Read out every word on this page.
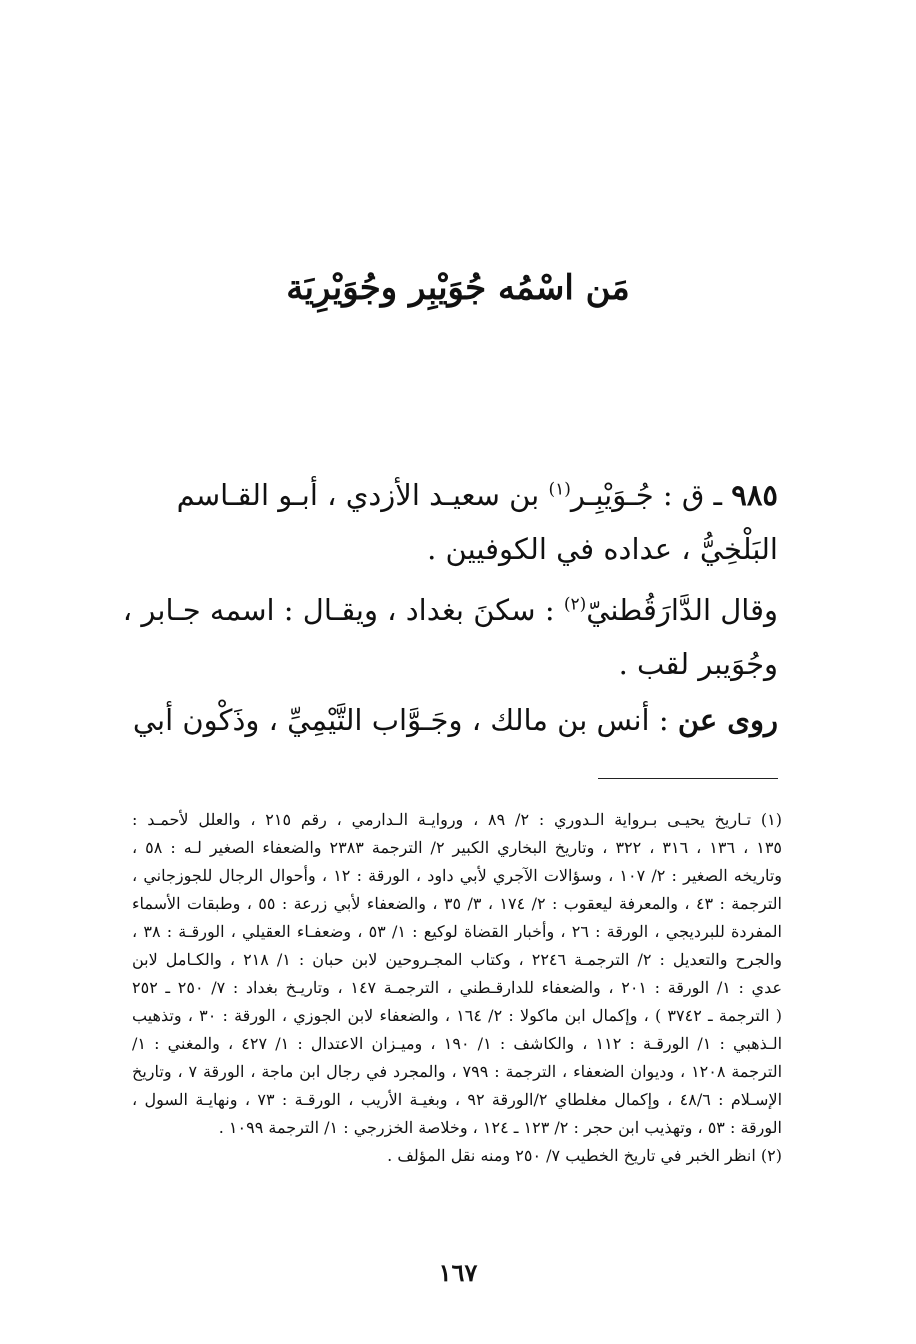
مَن اسْمُه جُوَيْبِر وجُوَيْرِيَة
٩٨٥ ـ ق : جُـوَيْبِـر$^{(١)}$ بن سعيـد الأزدي ، أبـو القـاسم
البَلْخِيُّ ، عداده في الكوفيين .
وقال الدَّارَقُطنيّ$^{(٢)}$ : سكنَ بغداد ، ويقـال : اسمه جـابر ،
وجُوَيبر لقب .
روى عن : أنس بن مالك ، وجَـوَّاب التَّيْمِيِّ ، وذَكْون أبي
(١) تـاريخ يحيـى بـرواية الـدوري : ٢/ ٨٩ ، وروايـة الـدارمي ، رقم ٢١٥ ، والعلل لأحمـد :
١٣٥ ، ١٣٦ ، ٣١٦ ، ٣٢٢ ، وتاريخ البخاري الكبير ٢/ الترجمة ٢٣٨٣ والضعفاء الصغير لـه : ٥٨ ،
وتاريخه الصغير : ٢/ ١٠٧ ، وسؤالات الآجري لأبي داود ، الورقة : ١٢ ، وأحوال الرجال للجوزجاني ،
الترجمة : ٤٣ ، والمعرفة ليعقوب : ٢/ ١٧٤ ، ٣/ ٣٥ ، والضعفاء لأبي زرعة : ٥٥ ، وطبقات الأسماء
المفردة للبرديجي ، الورقة : ٢٦ ، وأخبار القضاة لوكيع : ١/ ٥٣ ، وضعفـاء العقيلي ، الورقـة : ٣٨ ،
والجرح والتعديل : ٢/ الترجمـة ٢٢٤٦ ، وكتاب المجـروحين لابن حبان : ١/ ٢١٨ ، والكـامل لابن
عدي : ١/ الورقة : ٢٠١ ، والضعفاء للدارقـطني ، الترجمـة ١٤٧ ، وتاريـخ بغداد : ٧/ ٢٥٠ ـ ٢٥٢
( الترجمة ـ ٣٧٤٢ ) ، وإكمال ابن ماكولا : ٢/ ١٦٤ ، والضعفاء لابن الجوزي ، الورقة : ٣٠ ، وتذهيب
الـذهبي : ١/ الورقـة : ١١٢ ، والكاشف : ١/ ١٩٠ ، وميـزان الاعتدال : ١/ ٤٢٧ ، والمغني : ١/
الترجمة ١٢٠٨ ، وديوان الضعفاء ، الترجمة : ٧٩٩ ، والمجرد في رجال ابن ماجة ، الورقة ٧ ، وتاريخ
الإسـلام : ٤٨/٦ ، وإكمال مغلطاي ٢/الورقة ٩٢ ، وبغيـة الأريب ، الورقـة : ٧٣ ، ونهايـة السول ،
الورقة : ٥٣ ، وتهذيب ابن حجر : ٢/ ١٢٣ ـ ١٢٤ ، وخلاصة الخزرجي : ١/ الترجمة ١٠٩٩ .
(٢) انظر الخبر في تاريخ الخطيب ٧/ ٢٥٠ ومنه نقل المؤلف .
١٦٧
